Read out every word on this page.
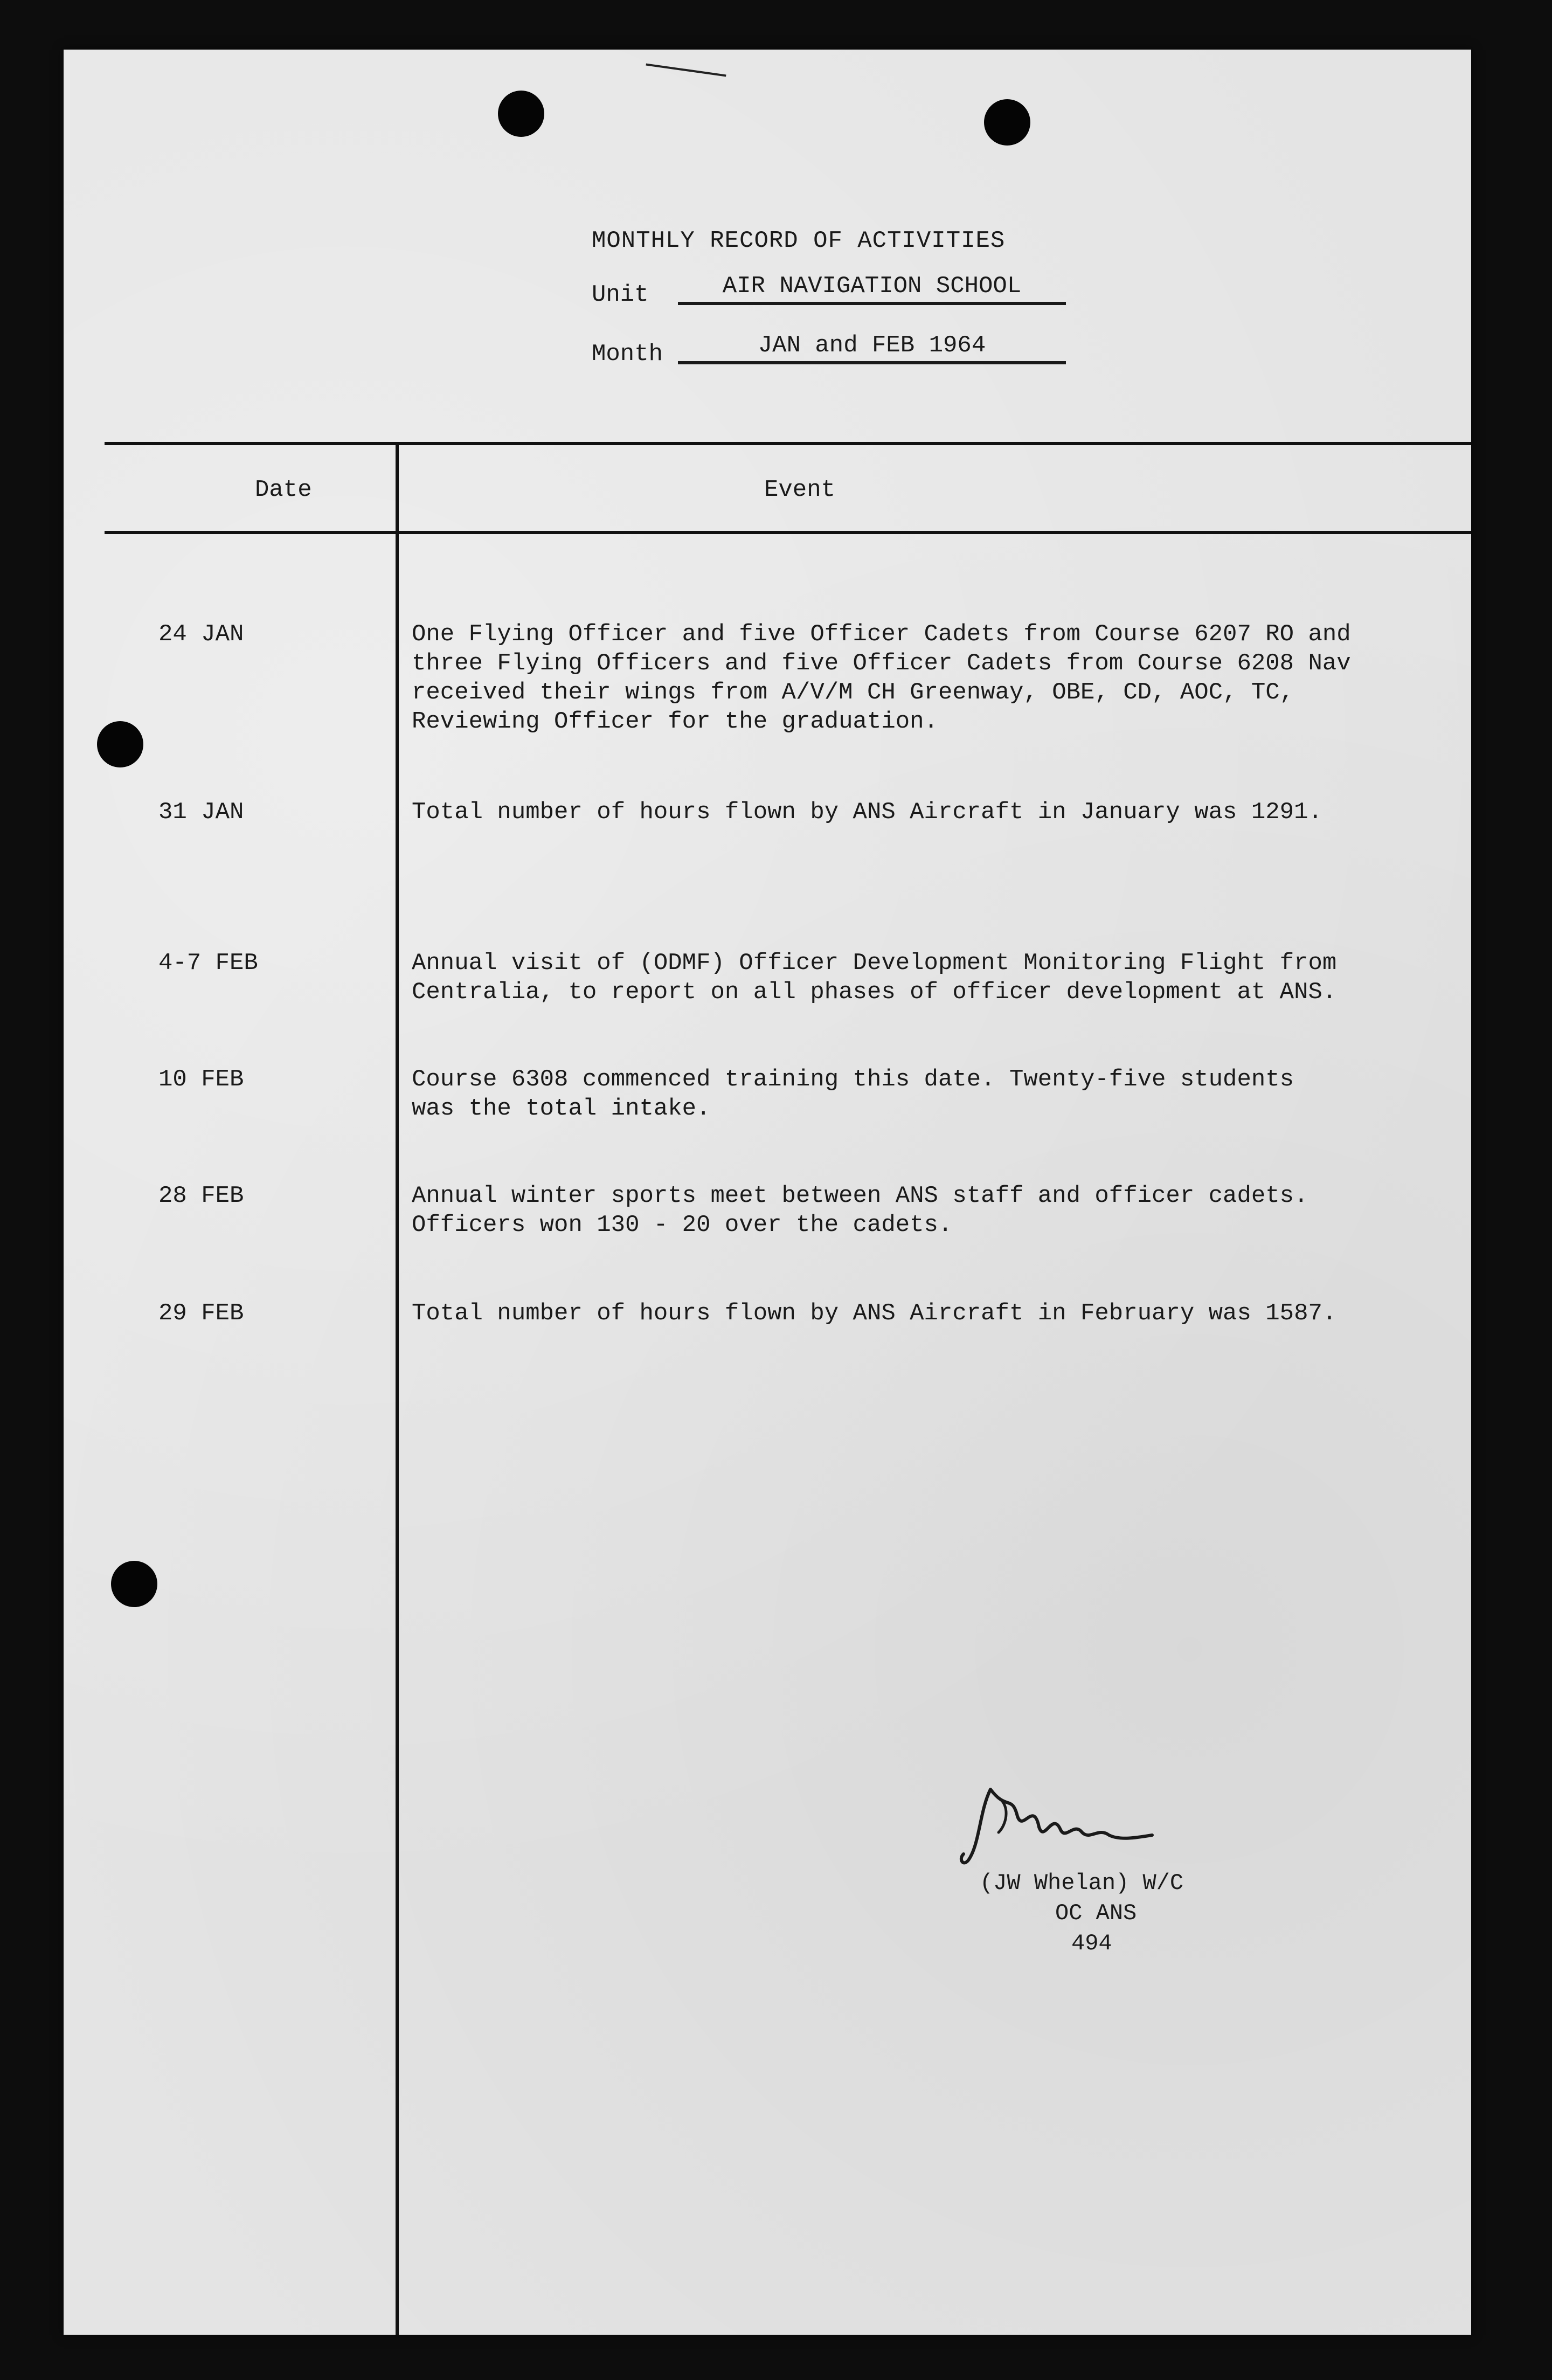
MONTHLY RECORD OF ACTIVITIES
Unit	AIR NAVIGATION SCHOOL
Month	JAN and FEB 1964
Date	Event
24 JAN	One Flying Officer and five Officer Cadets from Course 6207 RO and
three Flying Officers and five Officer Cadets from Course 6208 Nav
received their wings from A/V/M CH Greenway, OBE, CD, AOC, TC,
Reviewing Officer for the graduation.
31 JAN	Total number of hours flown by ANS Aircraft in January was 1291.
4-7 FEB	Annual visit of (ODMF) Officer Development Monitoring Flight from
Centralia, to report on all phases of officer development at ANS.
10 FEB	Course 6308 commenced training this date. Twenty-five students
was the total intake.
28 FEB	Annual winter sports meet between ANS staff and officer cadets.
Officers won 130 - 20 over the cadets.
29 FEB	Total number of hours flown by ANS Aircraft in February was 1587.
(JW Whelan) W/C
OC ANS
494
